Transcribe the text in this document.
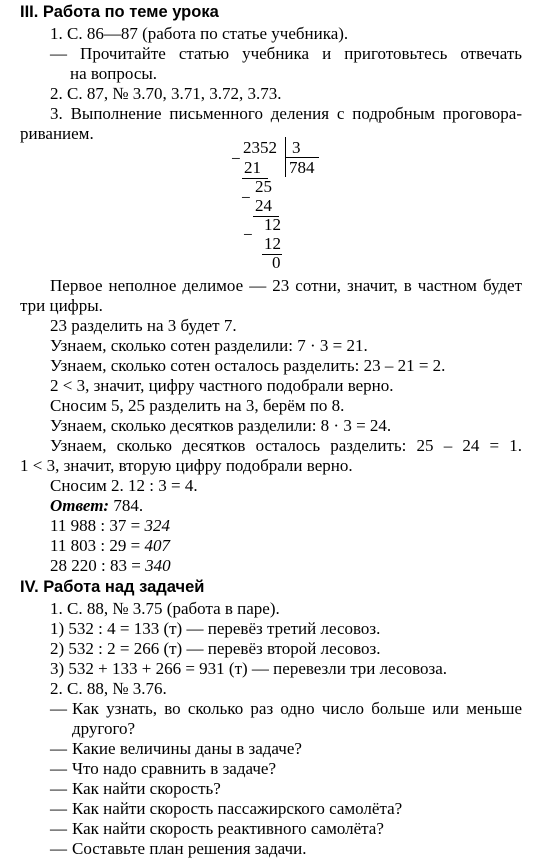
III. Работа по теме урока
1. С. 86—87 (работа по статье учебника).
— Прочитайте статью учебника и приготовьтесь отвечать
на вопросы.
2. С. 87, № 3.70, 3.71, 3.72, 3.73.
3. Выполнение письменного деления с подробным проговора-
риванием.
2352 3
784
− 21
25
− 24
12
− 12
0
Первое неполное делимое — 23 сотни, значит, в частном будет
три цифры.
23 разделить на 3 будет 7.
Узнаем, сколько сотен разделили: 7 · 3 = 21.
Узнаем, сколько сотен осталось разделить: 23 – 21 = 2.
2 < 3, значит, цифру частного подобрали верно.
Сносим 5, 25 разделить на 3, берём по 8.
Узнаем, сколько десятков разделили: 8 · 3 = 24.
Узнаем, сколько десятков осталось разделить: 25 – 24 = 1.
1 < 3, значит, вторую цифру подобрали верно.
Сносим 2. 12 : 3 = 4.
Ответ: 784.
11 988 : 37 = 324
11 803 : 29 = 407
28 220 : 83 = 340
IV. Работа над задачей
1. С. 88, № 3.75 (работа в паре).
1) 532 : 4 = 133 (т) — перевёз третий лесовоз.
2) 532 : 2 = 266 (т) — перевёз второй лесовоз.
3) 532 + 133 + 266 = 931 (т) — перевезли три лесовоза.
2. С. 88, № 3.76.
— Как узнать, во сколько раз одно число больше или меньше
другого?
— Какие величины даны в задаче?
— Что надо сравнить в задаче?
— Как найти скорость?
— Как найти скорость пассажирского самолёта?
— Как найти скорость реактивного самолёта?
— Составьте план решения задачи.
